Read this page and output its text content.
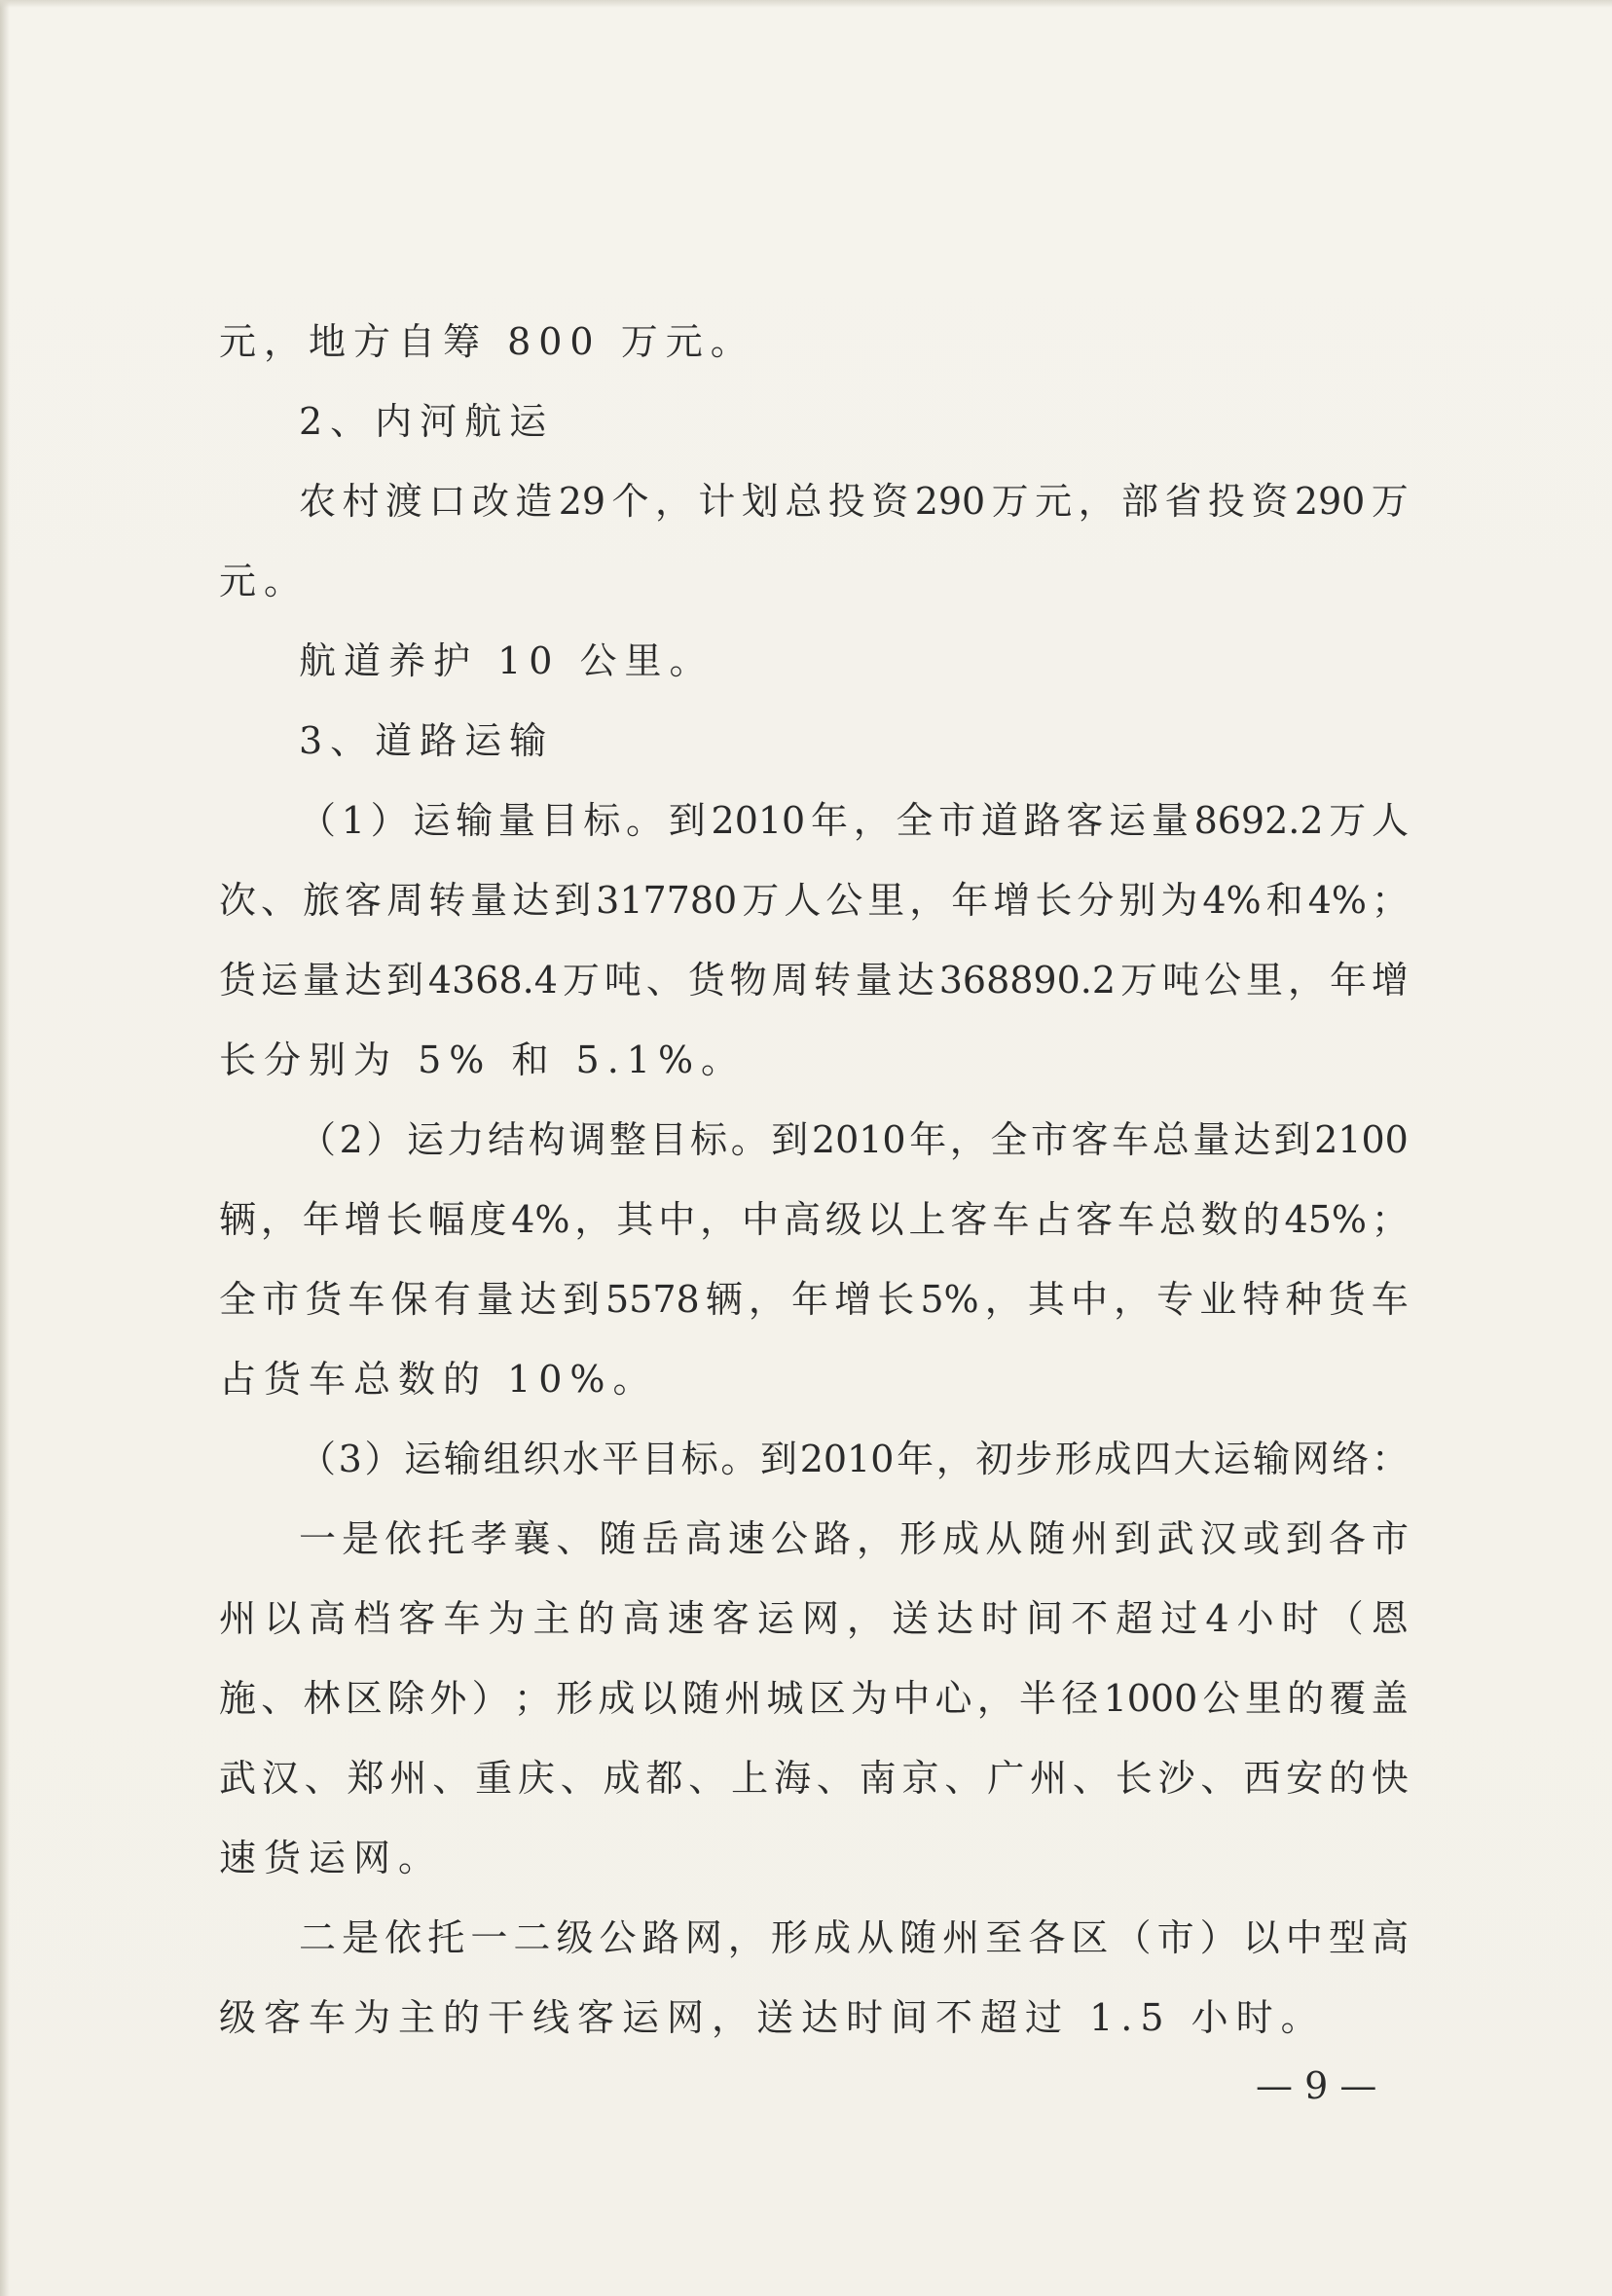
元，地方自筹 800 万元。
2、内河航运
农 村 渡 口 改 造 29 个 ， 计 划 总 投 资 290 万 元 ， 部 省 投 资 290 万
元。
航道养护 10 公里。
3、道路运输
（ 1 ） 运 输 量 目 标 。 到 2010 年 ， 全 市 道 路 客 运 量 8692.2 万 人
次 、 旅 客 周 转 量 达 到 317780 万 人 公 里 ， 年 增 长 分 别 为 4% 和 4% ；
货 运 量 达 到 4368.4 万 吨 、 货 物 周 转 量 达 368890.2 万 吨 公 里 ， 年 增
长分别为 5% 和 5.1%。
（ 2 ） 运 力 结 构 调 整 目 标 。 到 2010 年 ， 全 市 客 车 总 量 达 到 2100
辆 ， 年 增 长 幅 度 4% ， 其 中 ， 中 高 级 以 上 客 车 占 客 车 总 数 的 45% ；
全 市 货 车 保 有 量 达 到 5578 辆 ， 年 增 长 5% ， 其 中 ， 专 业 特 种 货 车
占货车总数的 10%。
（ 3 ） 运 输 组 织 水 平 目 标 。 到 2010 年 ， 初 步 形 成 四 大 运 输 网 络 ：
一 是 依 托 孝 襄 、 随 岳 高 速 公 路 ， 形 成 从 随 州 到 武 汉 或 到 各 市
州 以 高 档 客 车 为 主 的 高 速 客 运 网 ， 送 达 时 间 不 超 过 4 小 时 （ 恩
施 、 林 区 除 外 ） ； 形 成 以 随 州 城 区 为 中 心 ， 半 径 1000 公 里 的 覆 盖
武 汉 、 郑 州 、 重 庆 、 成 都 、 上 海 、 南 京 、 广 州 、 长 沙 、 西 安 的 快
速货运网。
二 是 依 托 一 二 级 公 路 网 ， 形 成 从 随 州 至 各 区 （ 市 ） 以 中 型 高
级客车为主的干线客运网，送达时间不超过 1.5 小时。
— 9 —
